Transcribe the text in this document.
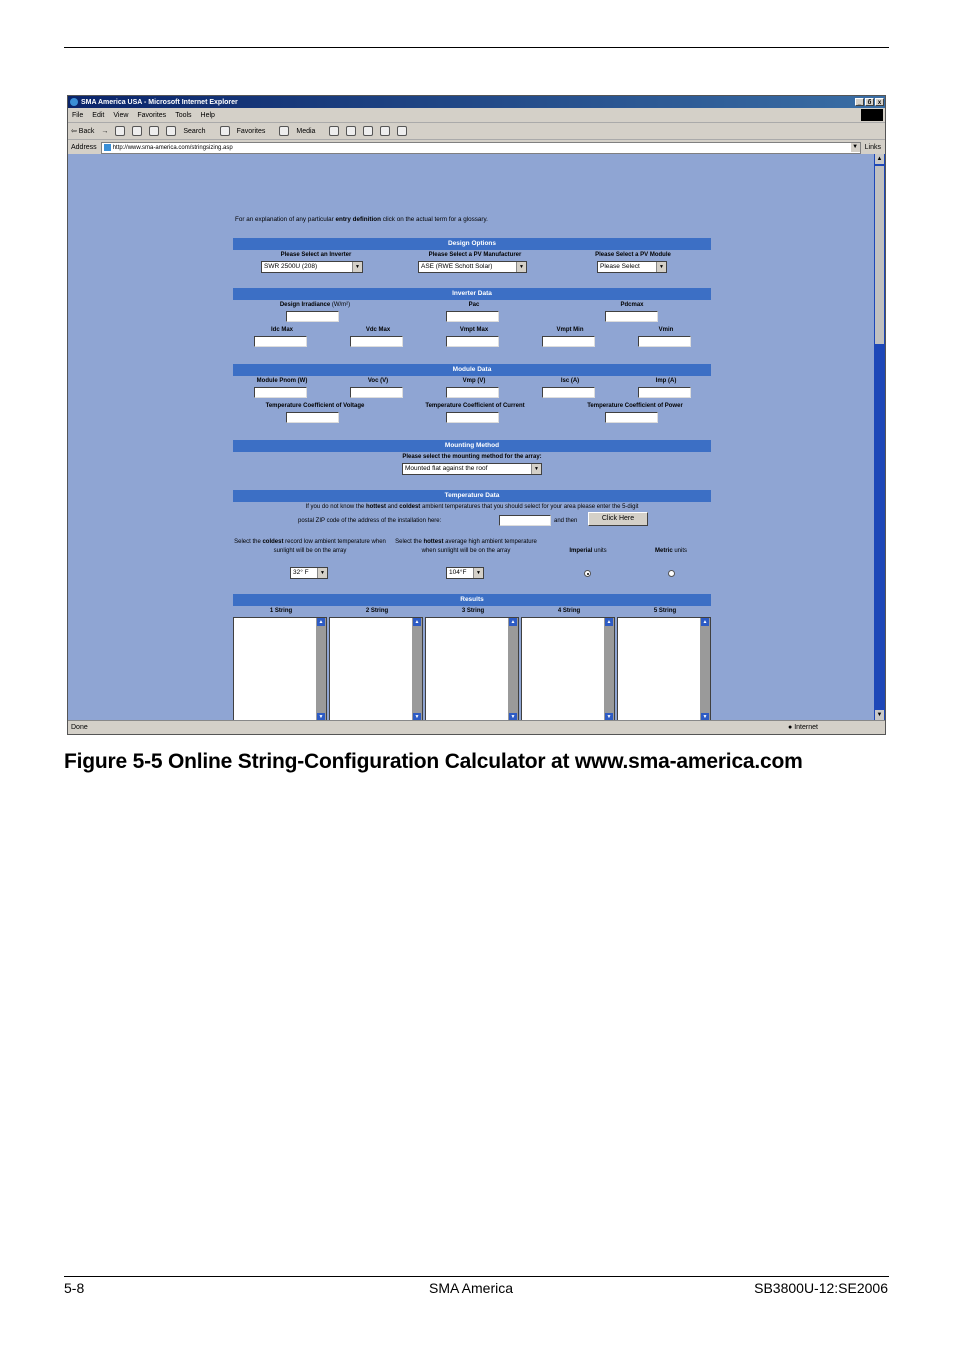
SMA America USA - Microsoft Internet Explorer	_	б	x
File Edit View Favorites Tools Help
⇦ Back →	Search	Favorites	Media
Address	http://www.sma-america.com/stringsizing.asp	▼ Links
For an explanation of any particular entry definition click on the actual term for a glossary.
Design Options
Please Select an Inverter
SWR 2500U (208)	▼
Please Select a PV Manufacturer
ASE (RWE Schott Solar)	▼
Please Select a PV Module
Please Select	▼
Inverter Data
Design Irradiance (W/m²)	Pac	Pdcmax
Idc Max	Vdc Max	Vmpt Max	Vmpt Min	Vmin
Module Data
Module Pnom (W)	Voc (V)	Vmp (V)	Isc (A)	Imp (A)
Temperature Coefficient of Voltage	Temperature Coefficient of Current	Temperature Coefficient of Power
Mounting Method
Please select the mounting method for the array:
Mounted flat against the roof	▼
Temperature Data
If you do not know the hottest and coldest ambient temperatures that you should select for your area please enter the 5-digit
postal ZIP code of the address of the installation here:	and then	Click Here
Select the coldest record low ambient temperature when sunlight will be on the array
32° F	▼
Select the hottest average high ambient temperature when sunlight will be on the array
104°F	▼
Imperial units	Metric units
Results
1 String	2 String	3 String	4 String	5 String
▲
▼
▲
▼
▲
▼
▲
▼
▲
▼

▲
▼
Done	● Internet
Figure 5-5 Online String-Configuration Calculator at www.sma-america.com
5-8	SMA America	SB3800U-12:SE2006
